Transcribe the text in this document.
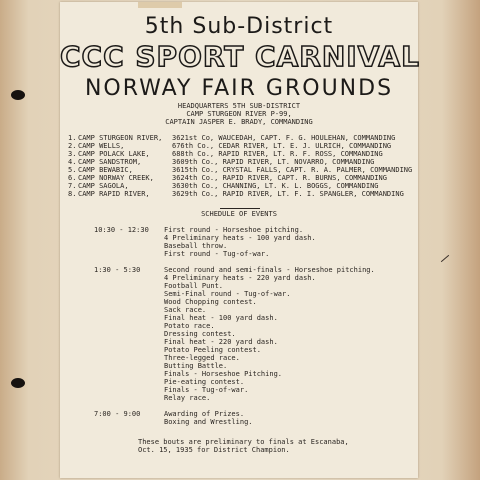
5th Sub-District
CCC SPORT CARNIVAL
NORWAY FAIR GROUNDS
HEADQUARTERS 5TH SUB-DISTRICT
CAMP STURGEON RIVER P-99,
CAPTAIN JASPER E. BRADY, COMMANDING
1. CAMP STURGEON RIVER, 3621st Co, WAUCEDAH, CAPT. F. G. HOULEHAN, COMMANDING
2. CAMP WELLS,	676th Co., CEDAR RIVER, LT. E. J. ULRICH, COMMANDING
3. CAMP POLACK LAKE,	688th Co., RAPID RIVER, LT. R. F. ROSS, COMMANDING
4. CAMP SANDSTROM,	3609th Co., RAPID RIVER, LT. NOVARRO, COMMANDING
5. CAMP BEWABIC,	3615th Co., CRYSTAL FALLS, CAPT. R. A. PALMER, COMMANDING
6. CAMP NORWAY CREEK,	3624th Co., RAPID RIVER, CAPT. R. BURNS, COMMANDING
7. CAMP SAGOLA,	3630th Co., CHANNING, LT. K. L. BOGGS, COMMANDING
8. CAMP RAPID RIVER,	3629th Co., RAPID RIVER, LT. F. I. SPANGLER, COMMANDING
SCHEDULE OF EVENTS
10:30 - 12:30 First round - Horseshoe pitching.
4 Preliminary heats - 100 yard dash.
Baseball throw.
First round - Tug-of-war.
1:30 - 5:30	Second round and semi-finals - Horseshoe pitching.
4 Preliminary heats - 220 yard dash.
Football Punt.
Semi-Final round - Tug-of-war.
Wood Chopping contest.
Sack race.
Final heat - 100 yard dash.
Potato race.
Dressing contest.
Final heat - 220 yard dash.
Potato Peeling contest.
Three-legged race.
Butting Battle.
Finals - Horseshoe Pitching.
Pie-eating contest.
Finals - Tug-of-war.
Relay race.
7:00 - 9:00	Awarding of Prizes.
Boxing and Wrestling.
These bouts are preliminary to finals at Escanaba,
Oct. 15, 1935 for District Champion.
